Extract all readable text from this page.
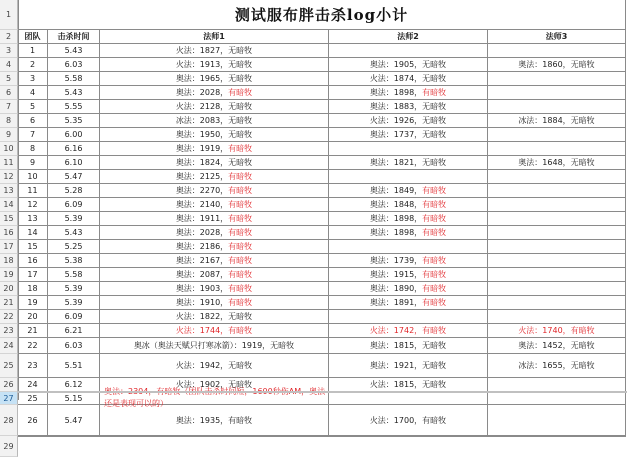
测试服布胖击杀log小计
1
2
3
4
5
6
7
8
9
10
11
12
13
14
15
16
17
18
19
20
21
22
23
24
25
26
27
28
29
团队	击杀时间	法师1	法师2	法师3
1	5.43	火法：1827，无暗牧
2	6.03	火法：1913，无暗牧	奥法：1905，无暗牧	奥法：1860，无暗牧
3	5.58	奥法：1965，无暗牧	火法：1874，无暗牧
4	5.43	奥法：2028， 有暗牧	奥法：1898， 有暗牧
5	5.55	火法：2128，无暗牧	奥法：1883，无暗牧
6	5.35	冰法：2083，无暗牧	火法：1926，无暗牧	冰法：1884，无暗牧
7	6.00	奥法：1950，无暗牧	奥法：1737，无暗牧
8	6.16	奥法：1919， 有暗牧
9	6.10	奥法：1824，无暗牧	奥法：1821，无暗牧	奥法：1648，无暗牧
10	5.47	奥法：2125， 有暗牧
11	5.28	奥法：2270， 有暗牧	奥法：1849， 有暗牧
12	6.09	奥法：2140， 有暗牧	奥法：1848， 有暗牧
13	5.39	奥法：1911， 有暗牧	奥法：1898， 有暗牧
14	5.43	奥法：2028， 有暗牧	奥法：1898， 有暗牧
15	5.25	奥法：2186， 有暗牧
16	5.38	奥法：2167， 有暗牧	奥法：1739， 有暗牧
17	5.58	奥法：2087， 有暗牧	奥法：1915， 有暗牧
18	5.39	奥法：1903， 有暗牧	奥法：1890， 有暗牧
19	5.39	奥法：1910， 有暗牧	奥法：1891， 有暗牧
20	6.09	火法：1822，无暗牧
21	6.21	火法：1744，有暗牧	火法：1742，有暗牧	火法：1740，有暗牧
22	6.03	奥冰（奥法天赋只打寒冰箭）：1919，无暗牧	奥法：1815，无暗牧	奥法：1452，无暗牧
23	5.51	火法：1942，无暗牧	奥法：1921，无暗牧	冰法：1655，无暗牧
24	6.12	火法：1902，无暗牧	火法：1815，无暗牧
25	5.15
还是表现可以的）
26	5.47	奥法：1935，有暗牧	火法：1700，有暗牧
